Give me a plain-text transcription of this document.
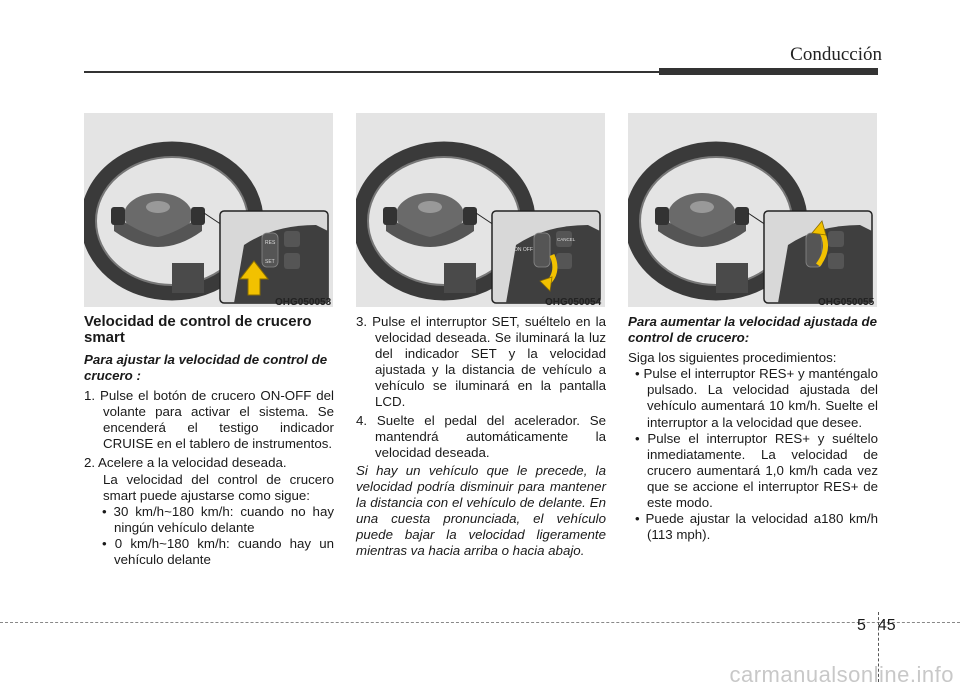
Conducción
RES
SET
OHG050053
ON OFF
CANCEL
OHG050054	OHG050055

Velocidad de control de crucero smart

Para ajustar la velocidad de control de crucero :

1. Pulse el botón de crucero ON-OFF del volante para activar el sistema. Se encenderá el testigo indicador CRUISE en el tablero de instrumentos.

2. Acelere a la velocidad deseada.

La velocidad del control de crucero smart puede ajustarse como sigue:

• 30 km/h~180 km/h: cuando no hay ningún vehículo delante

• 0 km/h~180 km/h: cuando hay un vehículo delante

3. Pulse el interruptor SET, suéltelo en la velocidad deseada. Se iluminará la luz del indicador SET y la velocidad ajustada y la distancia de vehículo a vehículo se iluminará en la pantalla LCD.

4. Suelte el pedal del acelerador. Se mantendrá automáticamente la velocidad deseada.

Si hay un vehículo que le precede, la velocidad podría disminuir para mantener la distancia con el vehículo de delante. En una cuesta pronunciada, el vehículo puede bajar la velocidad ligeramente mientras va hacia arriba o hacia abajo.

Para aumentar la velocidad ajustada de control de crucero:

Siga los siguientes procedimientos:

• Pulse el interruptor RES+ y manténgalo pulsado. La velocidad ajustada del vehículo aumentará 10 km/h. Suelte el interruptor a la velocidad que desee.

• Pulse el interruptor RES+ y suéltelo inmediatamente. La velocidad de crucero aumentará 1,0 km/h cada vez que se accione el interruptor RES+ de este modo.

• Puede ajustar la velocidad a180 km/h (113 mph).

5 45
carmanualsonline.info
